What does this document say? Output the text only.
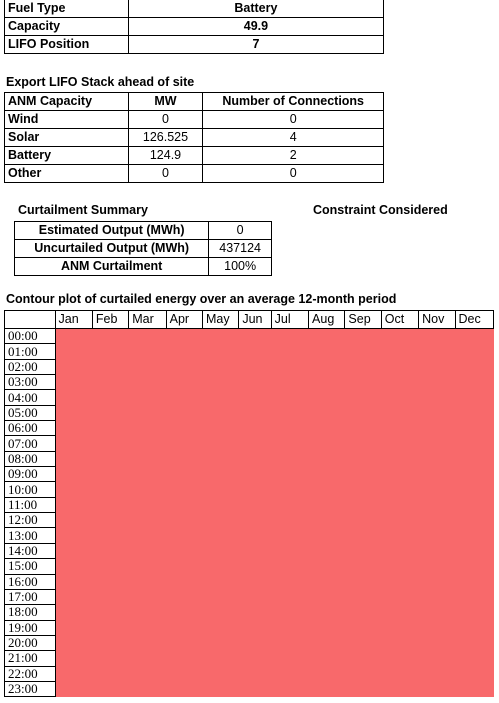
Fuel Type	Battery
Capacity	49.9
LIFO Position	7
Export LIFO Stack ahead of site
ANM Capacity	MW	Number of Connections
Wind	0	0
Solar	126.525	4
Battery	124.9	2
Other	0	0
Curtailment Summary	Constraint Considered
Estimated Output (MWh)	0
Uncurtailed Output (MWh)	437124
ANM Curtailment	100%
Contour plot of curtailed energy over an average 12-month period
	Jan	Feb	Mar	Apr	May	Jun	Jul	Aug	Sep	Oct	Nov	Dec
00:00												
01:00												
02:00												
03:00												
04:00												
05:00												
06:00												
07:00												
08:00												
09:00												
10:00												
11:00												
12:00												
13:00												
14:00												
15:00												
16:00												
17:00												
18:00												
19:00												
20:00												
21:00												
22:00												
23:00												
